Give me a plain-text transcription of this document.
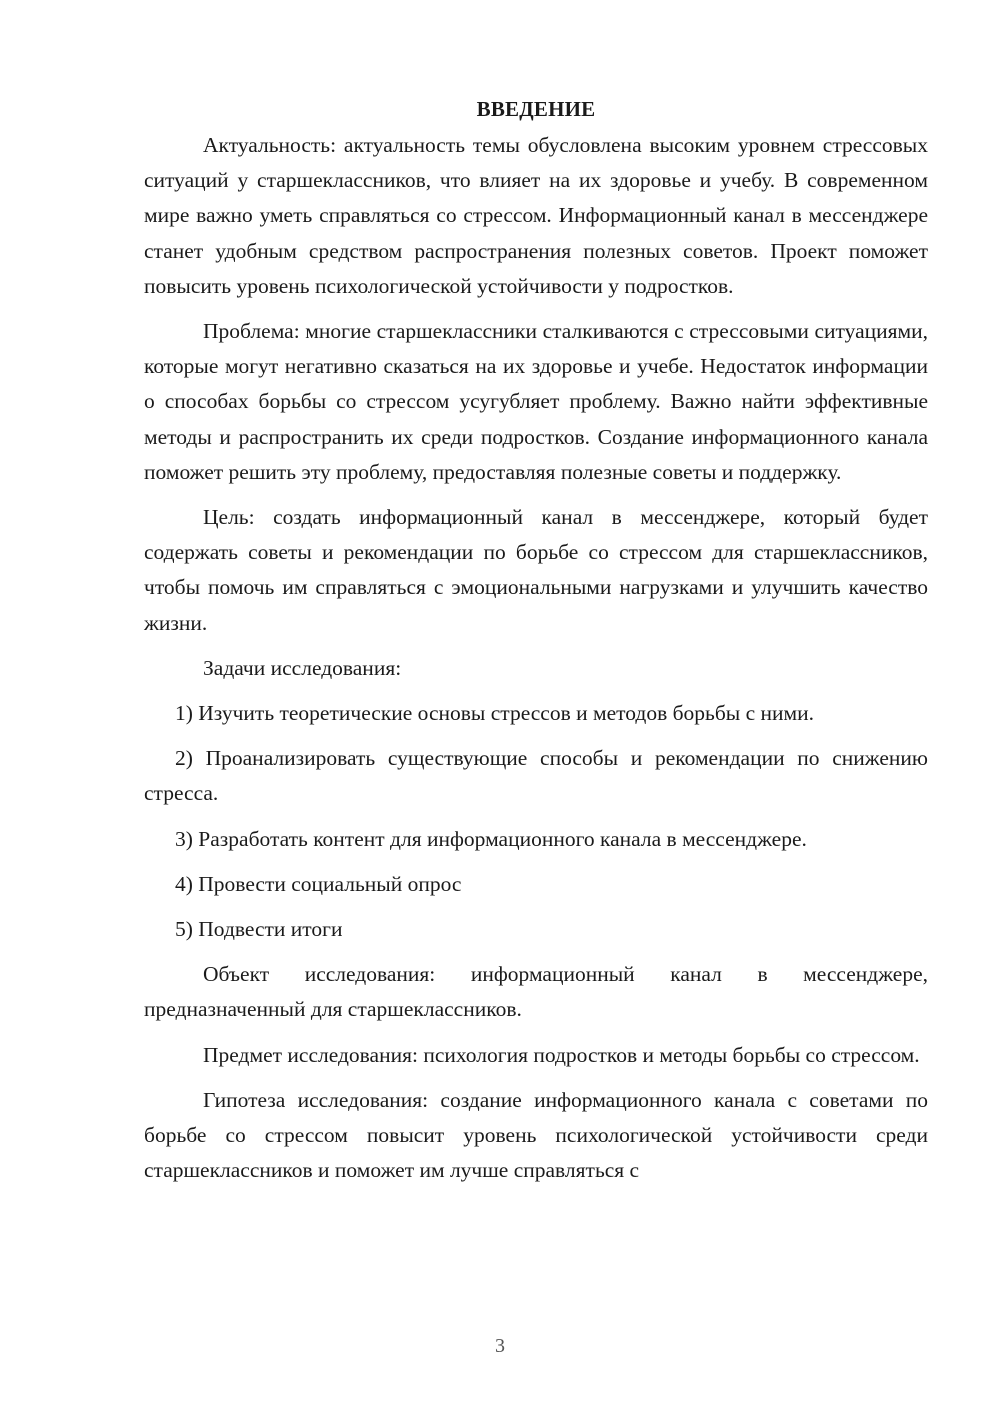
ВВЕДЕНИЕ

Актуальность: актуальность темы обусловлена высоким уровнем стрессовых ситуаций у старшеклассников, что влияет на их здоровье и учебу. В современном мире важно уметь справляться со стрессом. Информационный канал в мессенджере станет удобным средством распространения полезных советов. Проект поможет повысить уровень психологической устойчивости у подростков.

Проблема: многие старшеклассники сталкиваются с стрессовыми ситуациями, которые могут негативно сказаться на их здоровье и учебе. Недостаток информации о способах борьбы со стрессом усугубляет проблему. Важно найти эффективные методы и распространить их среди подростков. Создание информационного канала поможет решить эту проблему, предоставляя полезные советы и поддержку.

Цель: создать информационный канал в мессенджере, который будет содержать советы и рекомендации по борьбе со стрессом для старшеклассников, чтобы помочь им справляться с эмоциональными нагрузками и улучшить качество жизни.

Задачи исследования:

1) Изучить теоретические основы стрессов и методов борьбы с ними.

2) Проанализировать существующие способы и рекомендации по снижению стресса.

3) Разработать контент для информационного канала в мессенджере.

4) Провести социальный опрос

5) Подвести итоги

Объект исследования: информационный канал в мессенджере, предназначенный для старшеклассников.

Предмет исследования: психология подростков и методы борьбы со стрессом.

Гипотеза исследования: создание информационного канала с советами по борьбе со стрессом повысит уровень психологической устойчивости среди старшеклассников и поможет им лучше справляться с

3
